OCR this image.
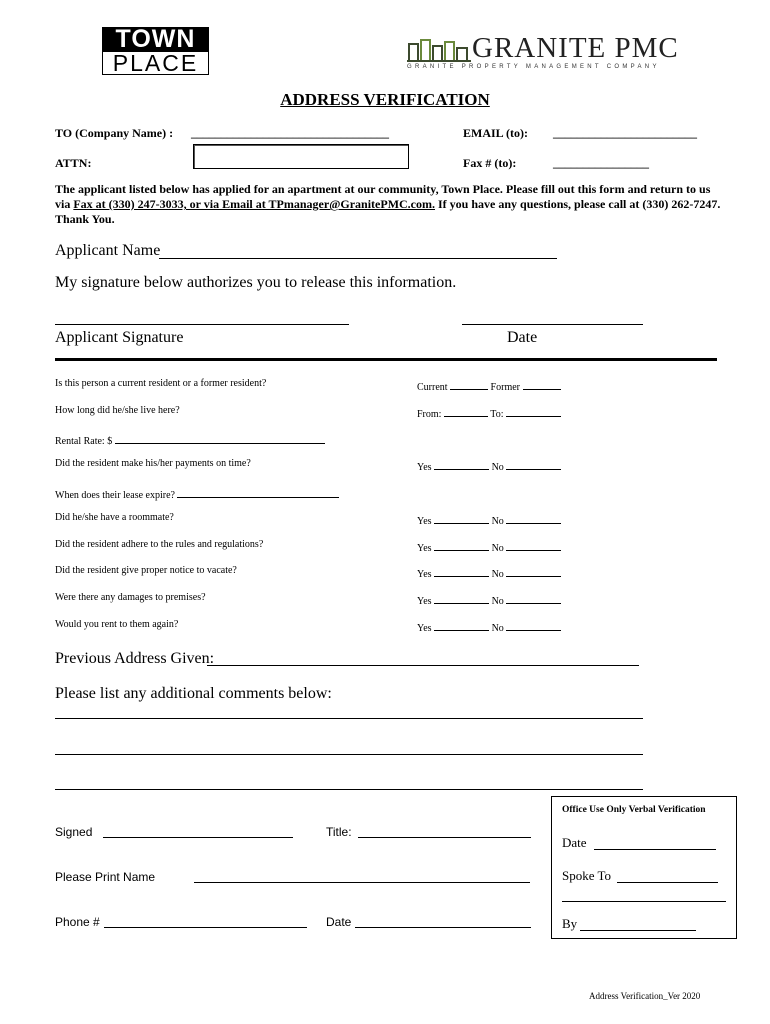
TOWN
PLACE	GRANITE PMC
GRANITE PROPERTY MANAGEMENT COMPANY
ADDRESS VERIFICATION
TO (Company Name) : _________________________________	EMAIL (to): ________________________
ATTN:	Fax # (to):	________________
The applicant listed below has applied for an apartment at our community, Town Place. Please fill out this form and return to us via Fax at (330) 247-3033, or via Email at TPmanager@GranitePMC.com. If you have any questions, please call at (330) 262-7247. Thank You.
Applicant Name
My signature below authorizes you to release this information.
Applicant Signature	Date
Is this person a current resident or a former resident?	Current	Former
How long did he/she live here?	From:	To:
Rental Rate: $
Did the resident make his/her payments on time?	Yes	No
When does their lease expire?
Did he/she have a roommate?	Yes	No
Did the resident adhere to the rules and regulations?	Yes	No
Did the resident give proper notice to vacate?	Yes	No
Were there any damages to premises?	Yes	No
Would you rent to them again?	Yes	No
Previous Address Given:
Please list any additional comments below:
Signed	Title:
Please Print Name
Phone #	Date
Office Use Only Verbal Verification
Date
Spoke To
By
Address Verification_Ver 2020
